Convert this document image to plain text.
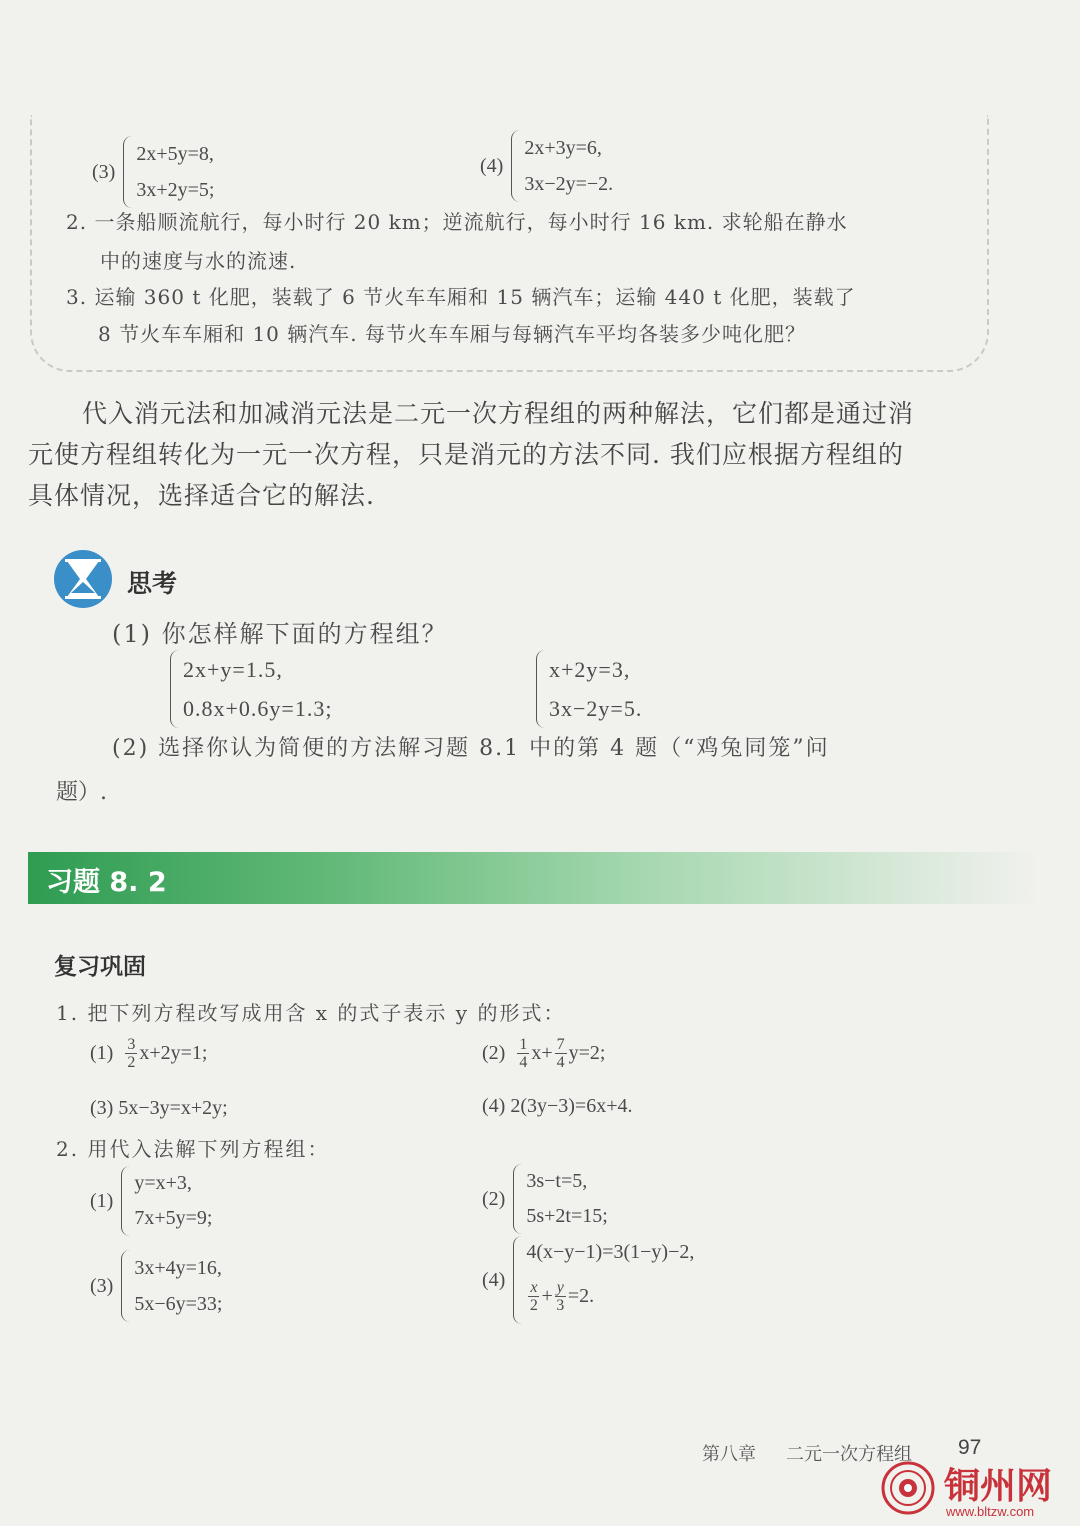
(3)
2x+5y=8,
3x+2y=5;
(4)
2x+3y=6,
3x−2y=−2.
2. 一条船顺流航行，每小时行 20 km；逆流航行，每小时行 16 km. 求轮船在静水
中的速度与水的流速.
3. 运输 360 t 化肥，装载了 6 节火车车厢和 15 辆汽车；运输 440 t 化肥，装载了
8 节火车车厢和 10 辆汽车. 每节火车车厢与每辆汽车平均各装多少吨化肥？
代入消元法和加减消元法是二元一次方程组的两种解法，它们都是通过消
元使方程组转化为一元一次方程，只是消元的方法不同. 我们应根据方程组的
具体情况，选择适合它的解法.
思考
(1) 你怎样解下面的方程组？
2x+y=1.5,
0.8x+0.6y=1.3;
x+2y=3,
3x−2y=5.
(2) 选择你认为简便的方法解习题 8.1 中的第 4 题（“鸡兔同笼”问
题）.
习题 8. 2
复习巩固
1. 把下列方程改写成用含 x 的式子表示 y 的形式：
$(1) \frac{3}{2} x+2y=1$;	$(2) \frac{1}{4} x+ \frac{7}{4} y=2$;
(3) 5x−3y=x+2y;	(4) 2(3y−3)=6x+4.
2. 用代入法解下列方程组：
(1)
y=x+3,
7x+5y=9;
(2)
3s−t=5,
5s+2t=15;
(3)
3x+4y=16,
5x−6y=33;
(4)
4(x−y−1)=3(1−y)−2,
$\frac{x}{2} + \frac{y}{3} =2$.
第八章 二元一次方程组 97
铜州网
www.bltzw.com
